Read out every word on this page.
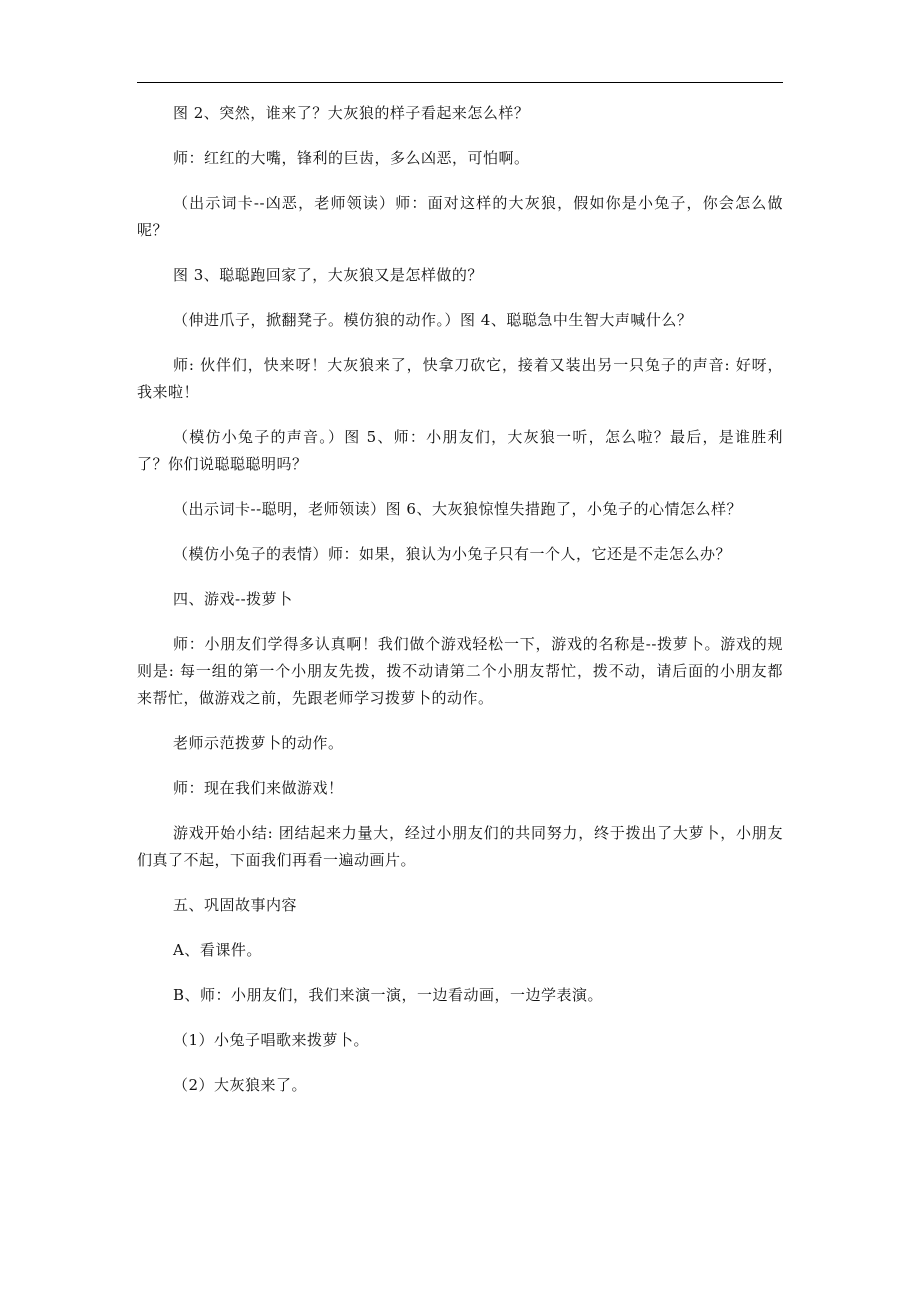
图 2、突然，谁来了？大灰狼的样子看起来怎么样？

师：红红的大嘴，锋利的巨齿，多么凶恶，可怕啊。

（出示词卡--凶恶，老师领读）师：面对这样的大灰狼，假如你是小兔子，你会怎么做呢？

图 3、聪聪跑回家了，大灰狼又是怎样做的？

（伸进爪子，掀翻凳子。模仿狼的动作。）图 4、聪聪急中生智大声喊什么？

师: 伙伴们，快来呀！大灰狼来了，快拿刀砍它，接着又装出另一只兔子的声音: 好呀，我来啦！

（模仿小兔子的声音。）图 5、师：小朋友们，大灰狼一听，怎么啦？最后，是谁胜利了？你们说聪聪聪明吗？

（出示词卡--聪明，老师领读）图 6、大灰狼惊惶失措跑了，小兔子的心情怎么样？

（模仿小兔子的表情）师：如果，狼认为小兔子只有一个人，它还是不走怎么办？

四、游戏--拨萝卜

师：小朋友们学得多认真啊！我们做个游戏轻松一下，游戏的名称是--拨萝卜。游戏的规则是: 每一组的第一个小朋友先拨，拨不动请第二个小朋友帮忙，拨不动，请后面的小朋友都来帮忙，做游戏之前，先跟老师学习拨萝卜的动作。

老师示范拨萝卜的动作。

师：现在我们来做游戏！

游戏开始小结: 团结起来力量大，经过小朋友们的共同努力，终于拨出了大萝卜，小朋友们真了不起，下面我们再看一遍动画片。

五、巩固故事内容

A、看课件。

B、师：小朋友们，我们来演一演，一边看动画，一边学表演。

（1）小兔子唱歌来拨萝卜。

（2）大灰狼来了。
